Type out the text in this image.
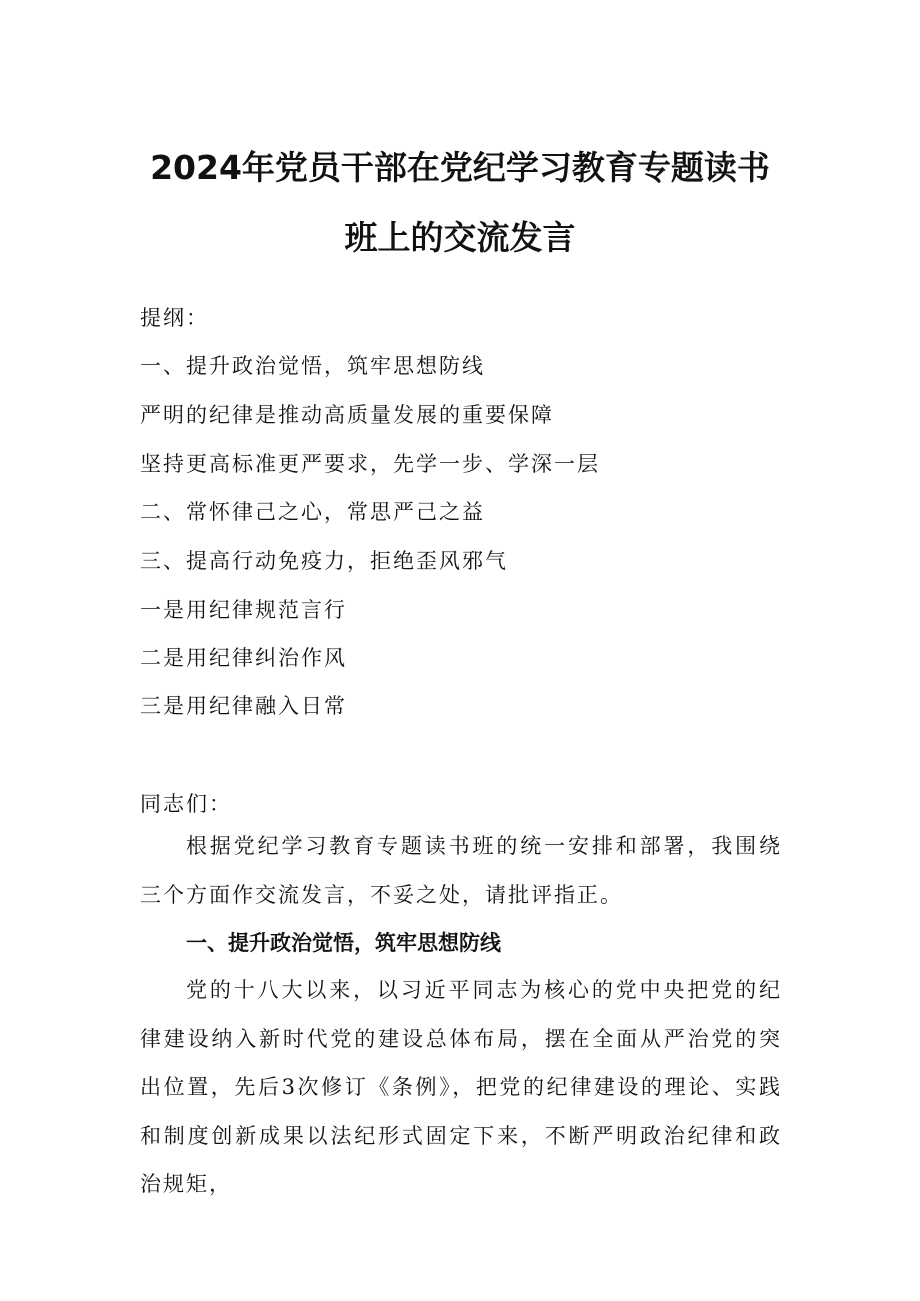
2024年党员干部在党纪学习教育专题读书
班上的交流发言
提纲：
一、提升政治觉悟，筑牢思想防线
严明的纪律是推动高质量发展的重要保障
坚持更高标准更严要求，先学一步、学深一层
二、常怀律己之心，常思严己之益
三、提高行动免疫力，拒绝歪风邪气
一是用纪律规范言行
二是用纪律纠治作风
三是用纪律融入日常
同志们：
根据党纪学习教育专题读书班的统一安排和部署，我围绕三个方面作交流发言，不妥之处，请批评指正。
一、提升政治觉悟，筑牢思想防线
党的十八大以来，以习近平同志为核心的党中央把党的纪律建设纳入新时代党的建设总体布局，摆在全面从严治党的突出位置，先后3次修订《条例》，把党的纪律建设的理论、实践和制度创新成果以法纪形式固定下来，不断严明政治纪律和政治规矩，
